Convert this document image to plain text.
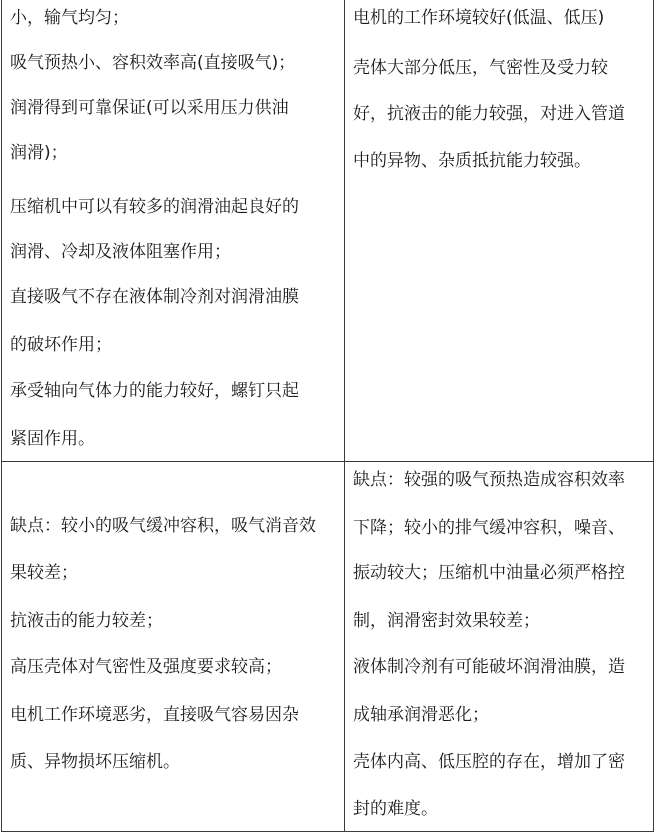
小，输气均匀；
吸气预热小、容积效率高(直接吸气)；
润滑得到可靠保证(可以采用压力供油
润滑)；
压缩机中可以有较多的润滑油起良好的
润滑、冷却及液体阻塞作用；
直接吸气不存在液体制冷剂对润滑油膜
的破坏作用；
承受轴向气体力的能力较好，螺钉只起
紧固作用。
电机的工作环境较好(低温、低压)
壳体大部分低压，气密性及受力较
好，抗液击的能力较强，对进入管道
中的异物、杂质抵抗能力较强。
缺点：较小的吸气缓冲容积，吸气消音效
果较差；
抗液击的能力较差；
高压壳体对气密性及强度要求较高；
电机工作环境恶劣，直接吸气容易因杂
质、异物损坏压缩机。
缺点：较强的吸气预热造成容积效率
下降；较小的排气缓冲容积，噪音、
振动较大；压缩机中油量必须严格控
制，润滑密封效果较差；
液体制冷剂有可能破坏润滑油膜，造
成轴承润滑恶化；
壳体内高、低压腔的存在，增加了密
封的难度。
